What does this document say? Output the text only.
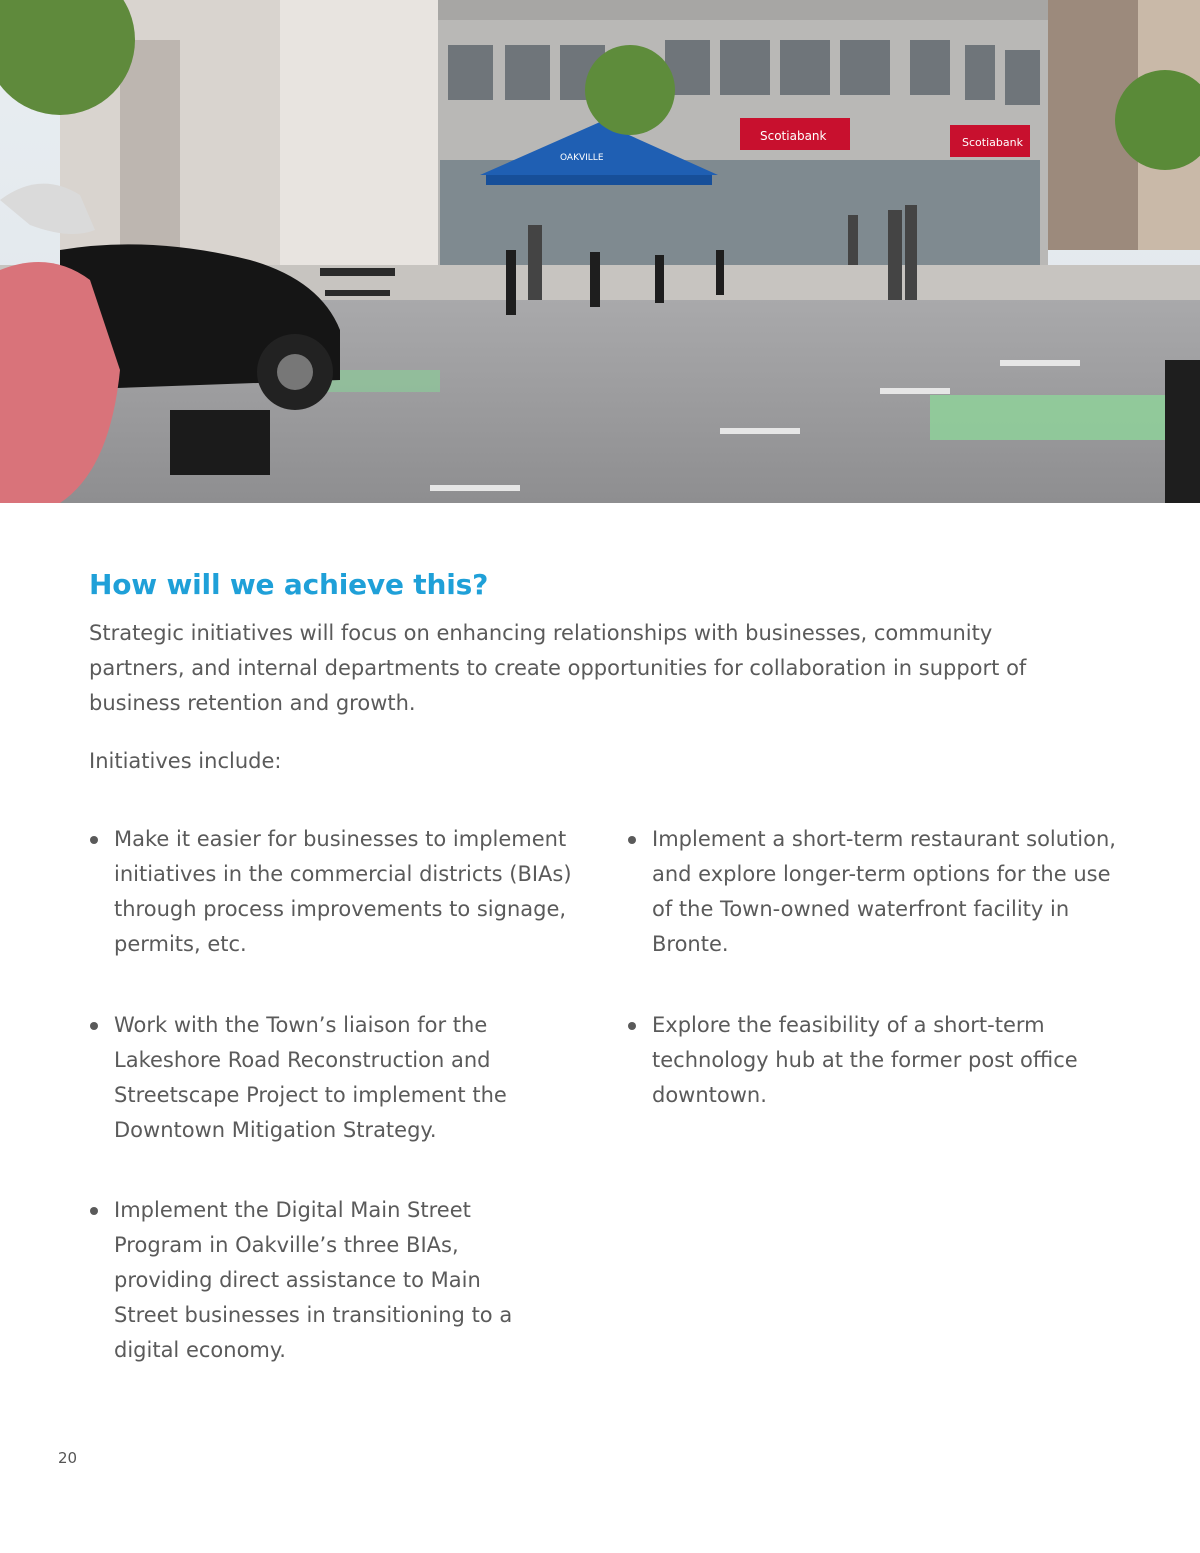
Scotiabank	Scotiabank
OAKVILLE
How will we achieve this?

Strategic initiatives will focus on enhancing relationships with businesses, community partners, and internal departments to create opportunities for collaboration in support of business retention and growth.

Initiatives include:

Make it easier for businesses to implement initiatives in the commercial districts (BIAs) through process improvements to signage, permits, etc.
Work with the Town’s liaison for the Lakeshore Road Reconstruction and Streetscape Project to implement the Downtown Mitigation Strategy.
Implement the Digital Main Street Program in Oakville’s three BIAs, providing direct assistance to Main Street businesses in transitioning to a digital economy.
Implement a short-term restaurant solution, and explore longer-term options for the use of the Town-owned waterfront facility in Bronte.
Explore the feasibility of a short-term technology hub at the former post office downtown.
20
